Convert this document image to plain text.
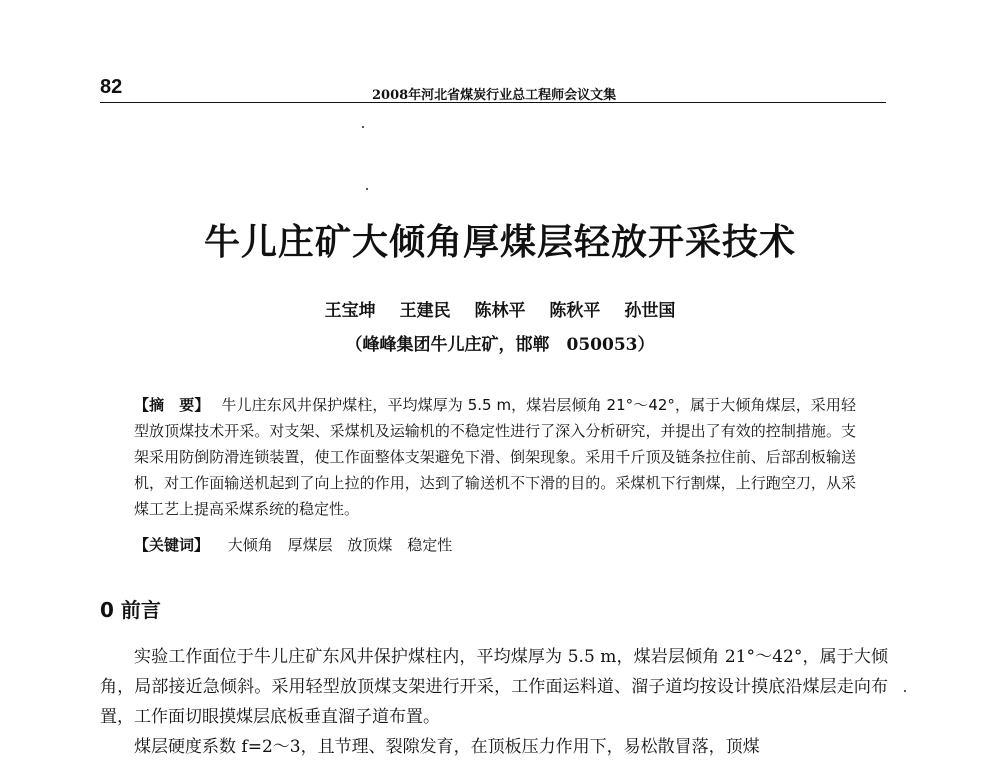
82	2008年河北省煤炭行业总工程师会议文集
牛儿庄矿大倾角厚煤层轻放开采技术
王宝坤 王建民 陈林平 陈秋平 孙世国
（峰峰集团牛儿庄矿，邯郸　050053）
【摘　要】 牛儿庄东风井保护煤柱，平均煤厚为 5.5 m，煤岩层倾角 21°～42°，属于大倾角煤层，采用轻型放顶煤技术开采。对支架、采煤机及运输机的不稳定性进行了深入分析研究，并提出了有效的控制措施。支架采用防倒防滑连锁装置，使工作面整体支架避免下滑、倒架现象。采用千斤顶及链条拉住前、后部刮板输送机，对工作面输送机起到了向上拉的作用，达到了输送机不下滑的目的。采煤机下行割煤，上行跑空刀，从采煤工艺上提高采煤系统的稳定性。
【关键词】 大倾角 厚煤层 放顶煤 稳定性
0 前言

实验工作面位于牛儿庄矿东风井保护煤柱内，平均煤厚为 5.5 m，煤岩层倾角 21°～42°，属于大倾角，局部接近急倾斜。采用轻型放顶煤支架进行开采，工作面运料道、溜子道均按设计摸底沿煤层走向布置，工作面切眼摸煤层底板垂直溜子道布置。

煤层硬度系数 f=2～3，且节理、裂隙发育，在顶板压力作用下，易松散冒落，顶煤
